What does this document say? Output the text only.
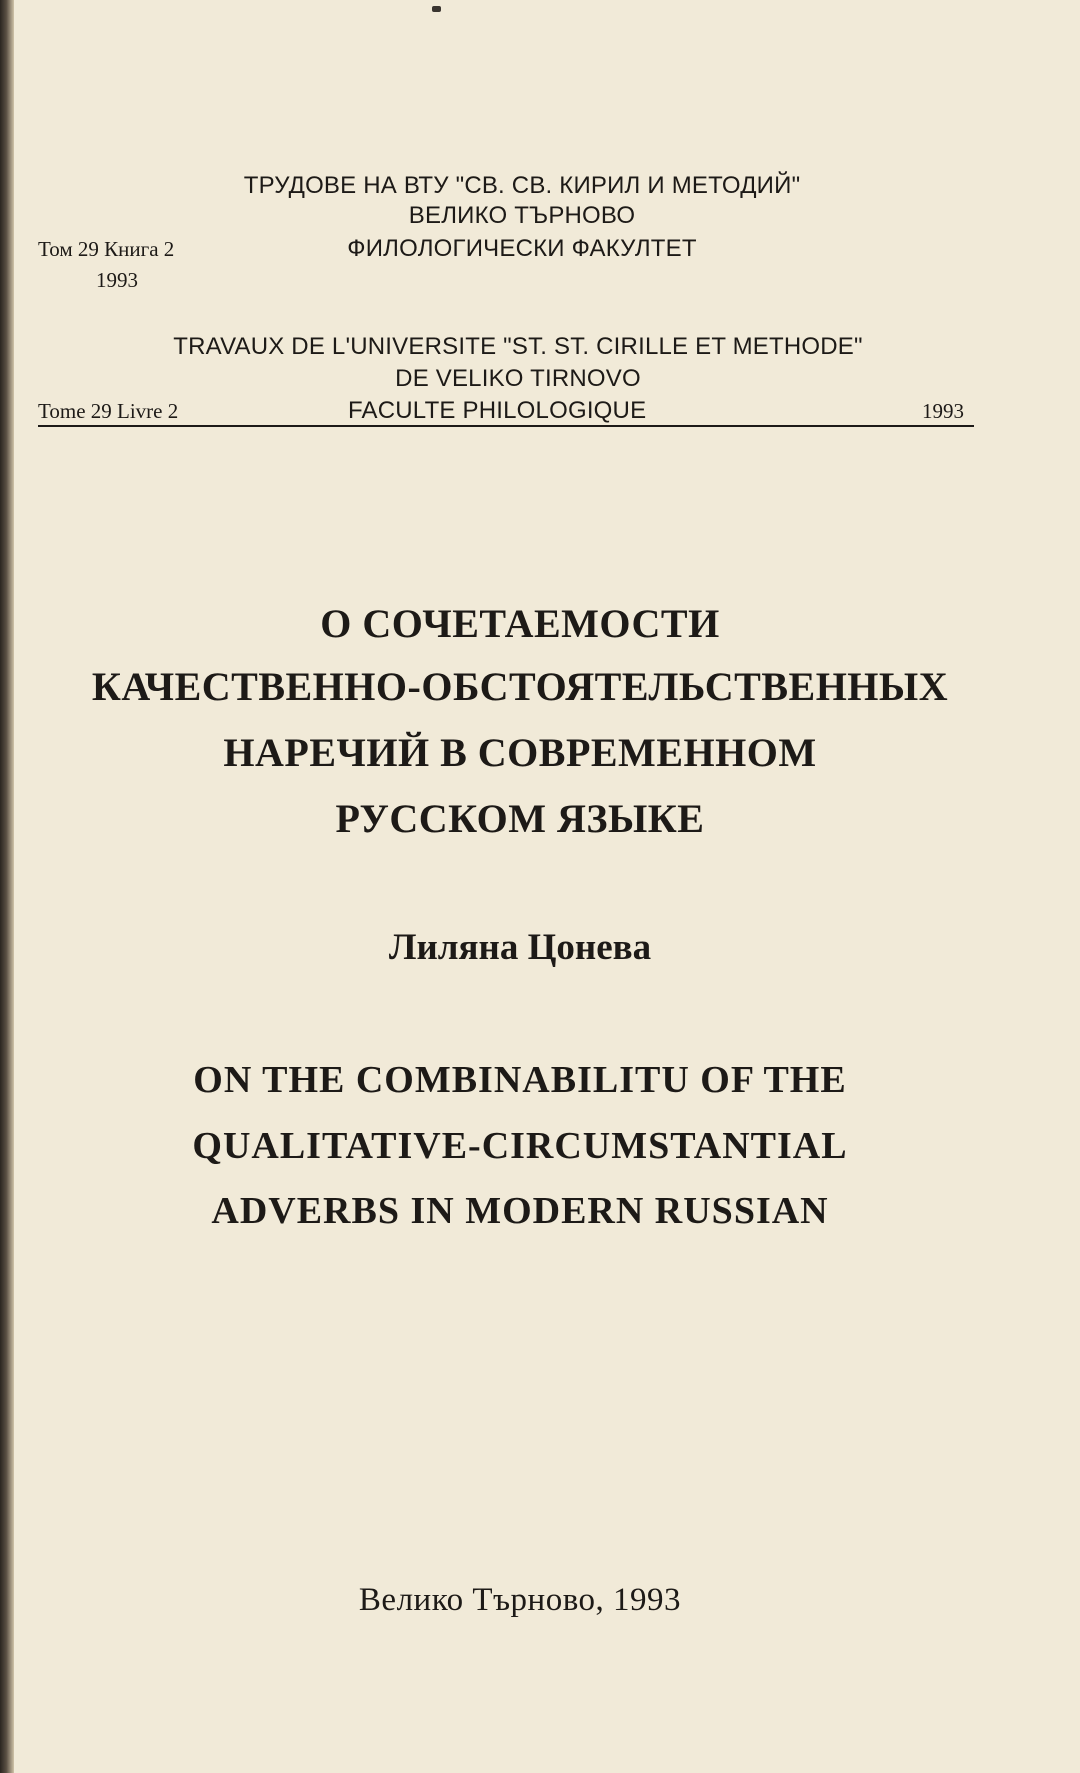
ТРУДОВЕ НА ВТУ "СВ. СВ. КИРИЛ И МЕТОДИЙ"
ВЕЛИКО ТЪРНОВО
ФИЛОЛОГИЧЕСКИ ФАКУЛТЕТ
Том 29 Книга 2
1993
TRAVAUX DE L'UNIVERSITE "ST. ST. CIRILLE ET METHODE"
DE VELIKO TIRNOVO
FACULTE PHILOLOGIQUE
Tome 29 Livre 2	1993
О СОЧЕТАЕМОСТИ
КАЧЕСТВЕННО-ОБСТОЯТЕЛЬСТВЕННЫХ
НАРЕЧИЙ В СОВРЕМЕННОМ
РУССКОМ ЯЗЫКЕ
Лиляна Цонева
ON THE COMBINABILITU OF THE
QUALITATIVE-CIRCUMSTANTIAL
ADVERBS IN MODERN RUSSIAN
Велико Търново, 1993
